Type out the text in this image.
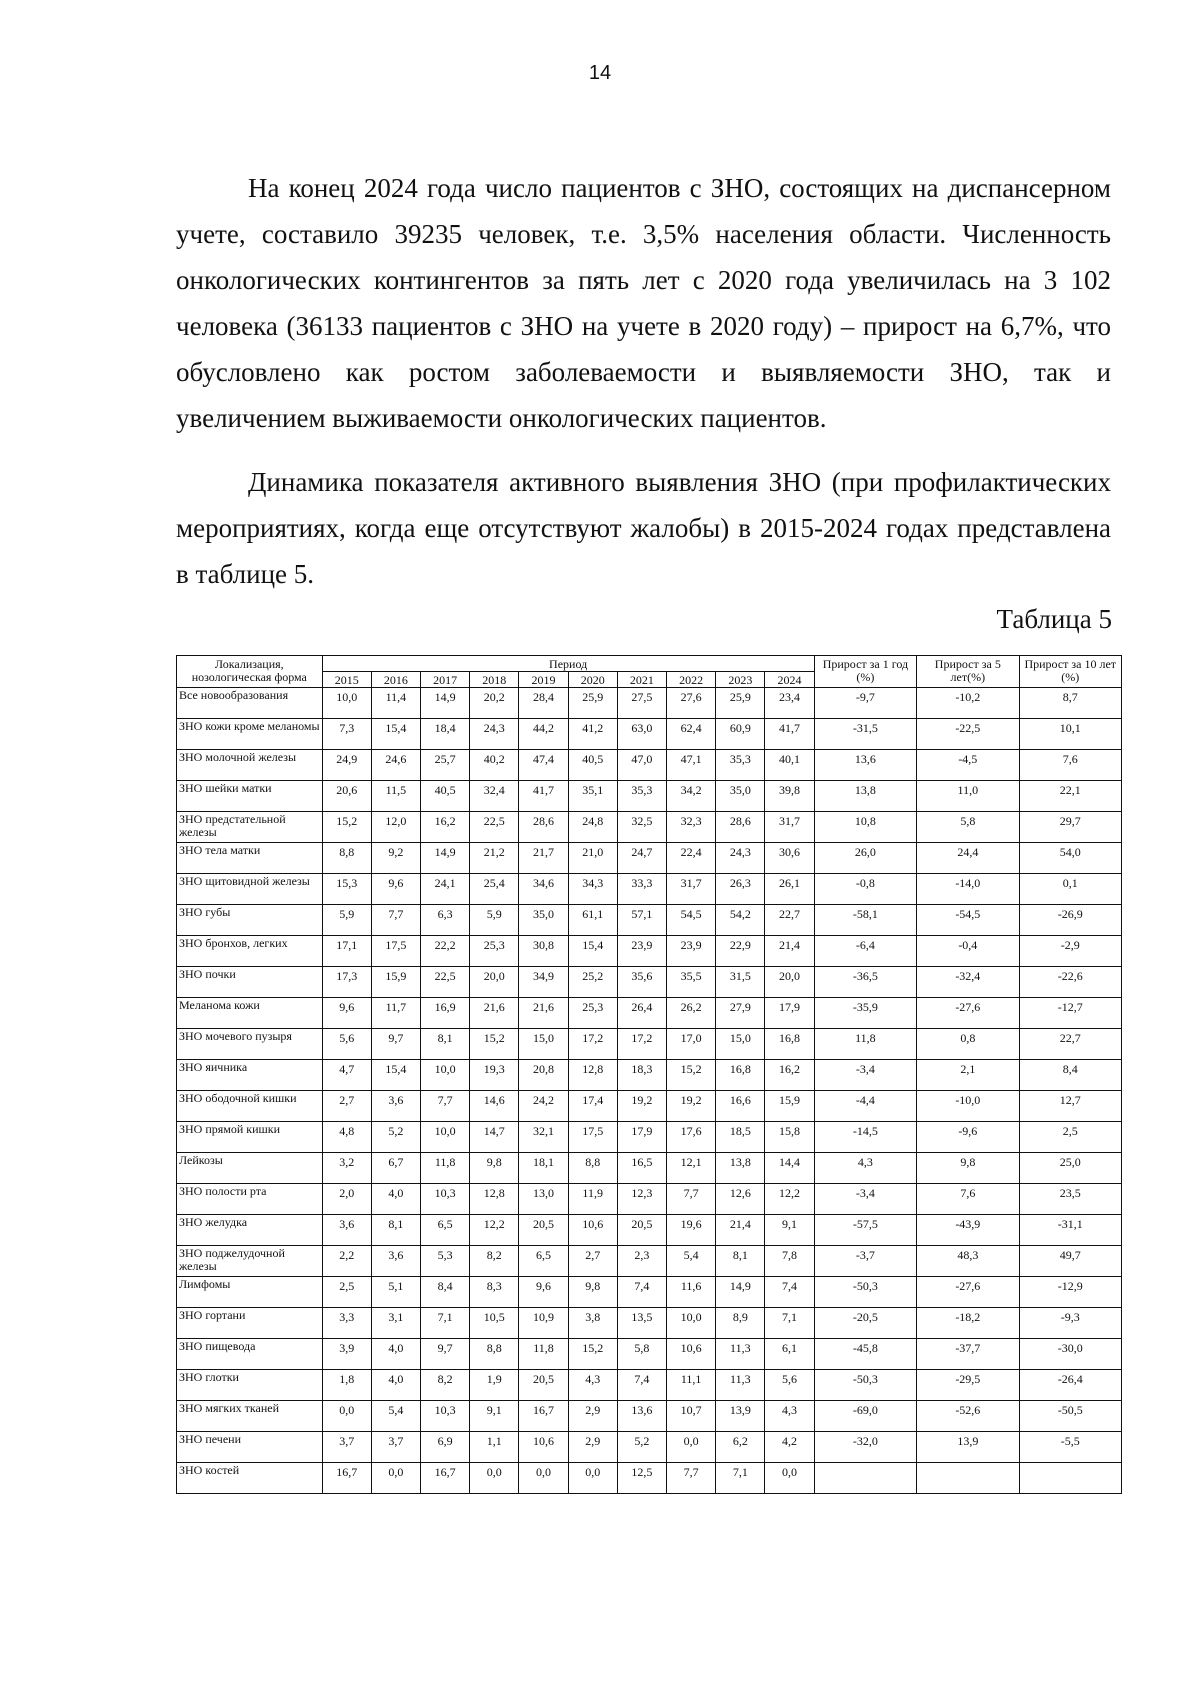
14

На конец 2024 года число пациентов с ЗНО, состоящих на диспансерном учете, составило 39235 человек, т.е. 3,5% населения области. Численность онкологических контингентов за пять лет с 2020 года увеличилась на 3 102 человека (36133 пациентов с ЗНО на учете в 2020 году) – прирост на 6,7%, что обусловлено как ростом заболеваемости и выявляемости ЗНО, так и увеличением выживаемости онкологических пациентов.

Динамика показателя активного выявления ЗНО (при профилактических мероприятиях, когда еще отсутствуют жалобы) в 2015-2024 годах представлена в таблице 5.

Таблица 5
Локализация, нозологическая форма	Период										Прирост за 1 год (%)	Прирост за 5 лет(%)	Прирост за 10 лет (%)
	2015	2016	2017	2018	2019	2020	2021	2022	2023	2024			
Все новообразования	10,0	11,4	14,9	20,2	28,4	25,9	27,5	27,6	25,9	23,4	-9,7	-10,2	8,7
ЗНО кожи кроме меланомы	7,3	15,4	18,4	24,3	44,2	41,2	63,0	62,4	60,9	41,7	-31,5	-22,5	10,1
ЗНО молочной железы	24,9	24,6	25,7	40,2	47,4	40,5	47,0	47,1	35,3	40,1	13,6	-4,5	7,6
ЗНО шейки матки	20,6	11,5	40,5	32,4	41,7	35,1	35,3	34,2	35,0	39,8	13,8	11,0	22,1
ЗНО предстательной железы	15,2	12,0	16,2	22,5	28,6	24,8	32,5	32,3	28,6	31,7	10,8	5,8	29,7
ЗНО тела матки	8,8	9,2	14,9	21,2	21,7	21,0	24,7	22,4	24,3	30,6	26,0	24,4	54,0
ЗНО щитовидной железы	15,3	9,6	24,1	25,4	34,6	34,3	33,3	31,7	26,3	26,1	-0,8	-14,0	0,1
ЗНО губы	5,9	7,7	6,3	5,9	35,0	61,1	57,1	54,5	54,2	22,7	-58,1	-54,5	-26,9
ЗНО бронхов, легких	17,1	17,5	22,2	25,3	30,8	15,4	23,9	23,9	22,9	21,4	-6,4	-0,4	-2,9
ЗНО почки	17,3	15,9	22,5	20,0	34,9	25,2	35,6	35,5	31,5	20,0	-36,5	-32,4	-22,6
Меланома кожи	9,6	11,7	16,9	21,6	21,6	25,3	26,4	26,2	27,9	17,9	-35,9	-27,6	-12,7
ЗНО мочевого пузыря	5,6	9,7	8,1	15,2	15,0	17,2	17,2	17,0	15,0	16,8	11,8	0,8	22,7
ЗНО яичника	4,7	15,4	10,0	19,3	20,8	12,8	18,3	15,2	16,8	16,2	-3,4	2,1	8,4
ЗНО ободочной кишки	2,7	3,6	7,7	14,6	24,2	17,4	19,2	19,2	16,6	15,9	-4,4	-10,0	12,7
ЗНО прямой кишки	4,8	5,2	10,0	14,7	32,1	17,5	17,9	17,6	18,5	15,8	-14,5	-9,6	2,5
Лейкозы	3,2	6,7	11,8	9,8	18,1	8,8	16,5	12,1	13,8	14,4	4,3	9,8	25,0
ЗНО полости рта	2,0	4,0	10,3	12,8	13,0	11,9	12,3	7,7	12,6	12,2	-3,4	7,6	23,5
ЗНО желудка	3,6	8,1	6,5	12,2	20,5	10,6	20,5	19,6	21,4	9,1	-57,5	-43,9	-31,1
ЗНО поджелудочной железы	2,2	3,6	5,3	8,2	6,5	2,7	2,3	5,4	8,1	7,8	-3,7	48,3	49,7
Лимфомы	2,5	5,1	8,4	8,3	9,6	9,8	7,4	11,6	14,9	7,4	-50,3	-27,6	-12,9
ЗНО гортани	3,3	3,1	7,1	10,5	10,9	3,8	13,5	10,0	8,9	7,1	-20,5	-18,2	-9,3
ЗНО пищевода	3,9	4,0	9,7	8,8	11,8	15,2	5,8	10,6	11,3	6,1	-45,8	-37,7	-30,0
ЗНО глотки	1,8	4,0	8,2	1,9	20,5	4,3	7,4	11,1	11,3	5,6	-50,3	-29,5	-26,4
ЗНО мягких тканей	0,0	5,4	10,3	9,1	16,7	2,9	13,6	10,7	13,9	4,3	-69,0	-52,6	-50,5
ЗНО печени	3,7	3,7	6,9	1,1	10,6	2,9	5,2	0,0	6,2	4,2	-32,0	13,9	-5,5
ЗНО костей	16,7	0,0	16,7	0,0	0,0	0,0	12,5	7,7	7,1	0,0			
